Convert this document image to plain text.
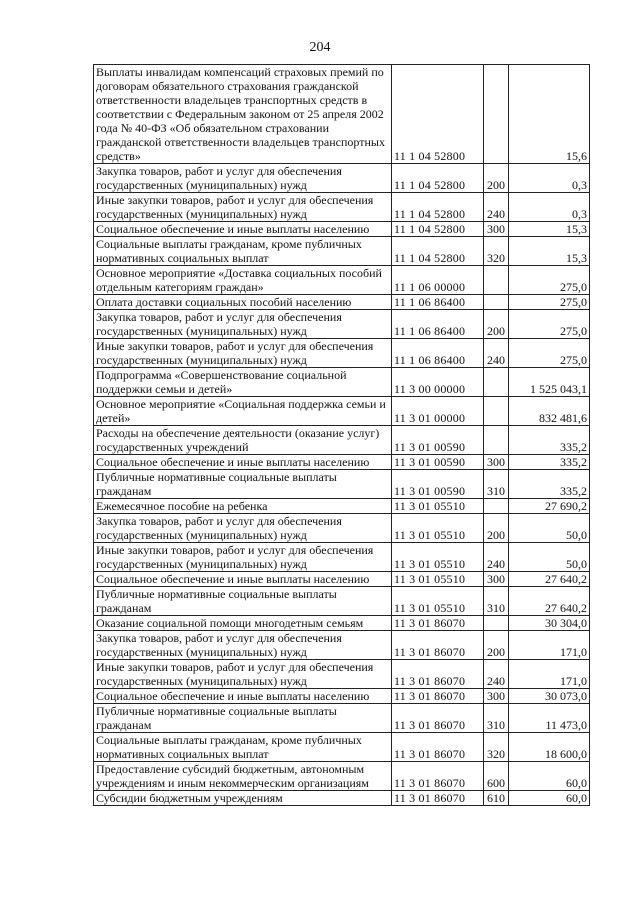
204
Выплаты инвалидам компенсаций страховых премий по договорам обязательного страхования гражданской ответственности владельцев транспортных средств в соответствии с Федеральным законом от 25 апреля 2002 года № 40-ФЗ «Об обязательном страховании гражданской ответственности владельцев транспортных средств»	11 1 04 52800		15,6
Закупка товаров, работ и услуг для обеспечения государственных (муниципальных) нужд	11 1 04 52800	200	0,3
Иные закупки товаров, работ и услуг для обеспечения государственных (муниципальных) нужд	11 1 04 52800	240	0,3
Социальное обеспечение и иные выплаты населению	11 1 04 52800	300	15,3
Социальные выплаты гражданам, кроме публичных нормативных социальных выплат	11 1 04 52800	320	15,3
Основное мероприятие «Доставка социальных пособий отдельным категориям граждан»	11 1 06 00000		275,0
Оплата доставки социальных пособий населению	11 1 06 86400		275,0
Закупка товаров, работ и услуг для обеспечения государственных (муниципальных) нужд	11 1 06 86400	200	275,0
Иные закупки товаров, работ и услуг для обеспечения государственных (муниципальных) нужд	11 1 06 86400	240	275,0
Подпрограмма «Совершенствование социальной поддержки семьи и детей»	11 3 00 00000		1 525 043,1
Основное мероприятие «Социальная поддержка семьи и детей»	11 3 01 00000		832 481,6
Расходы на обеспечение деятельности (оказание услуг) государственных учреждений	11 3 01 00590		335,2
Социальное обеспечение и иные выплаты населению	11 3 01 00590	300	335,2
Публичные нормативные социальные выплаты гражданам	11 3 01 00590	310	335,2
Ежемесячное пособие на ребенка	11 3 01 05510		27 690,2
Закупка товаров, работ и услуг для обеспечения государственных (муниципальных) нужд	11 3 01 05510	200	50,0
Иные закупки товаров, работ и услуг для обеспечения государственных (муниципальных) нужд	11 3 01 05510	240	50,0
Социальное обеспечение и иные выплаты населению	11 3 01 05510	300	27 640,2
Публичные нормативные социальные выплаты гражданам	11 3 01 05510	310	27 640,2
Оказание социальной помощи многодетным семьям	11 3 01 86070		30 304,0
Закупка товаров, работ и услуг для обеспечения государственных (муниципальных) нужд	11 3 01 86070	200	171,0
Иные закупки товаров, работ и услуг для обеспечения государственных (муниципальных) нужд	11 3 01 86070	240	171,0
Социальное обеспечение и иные выплаты населению	11 3 01 86070	300	30 073,0
Публичные нормативные социальные выплаты гражданам	11 3 01 86070	310	11 473,0
Социальные выплаты гражданам, кроме публичных нормативных социальных выплат	11 3 01 86070	320	18 600,0
Предоставление субсидий бюджетным, автономным учреждениям и иным некоммерческим организациям	11 3 01 86070	600	60,0
Субсидии бюджетным учреждениям	11 3 01 86070	610	60,0
